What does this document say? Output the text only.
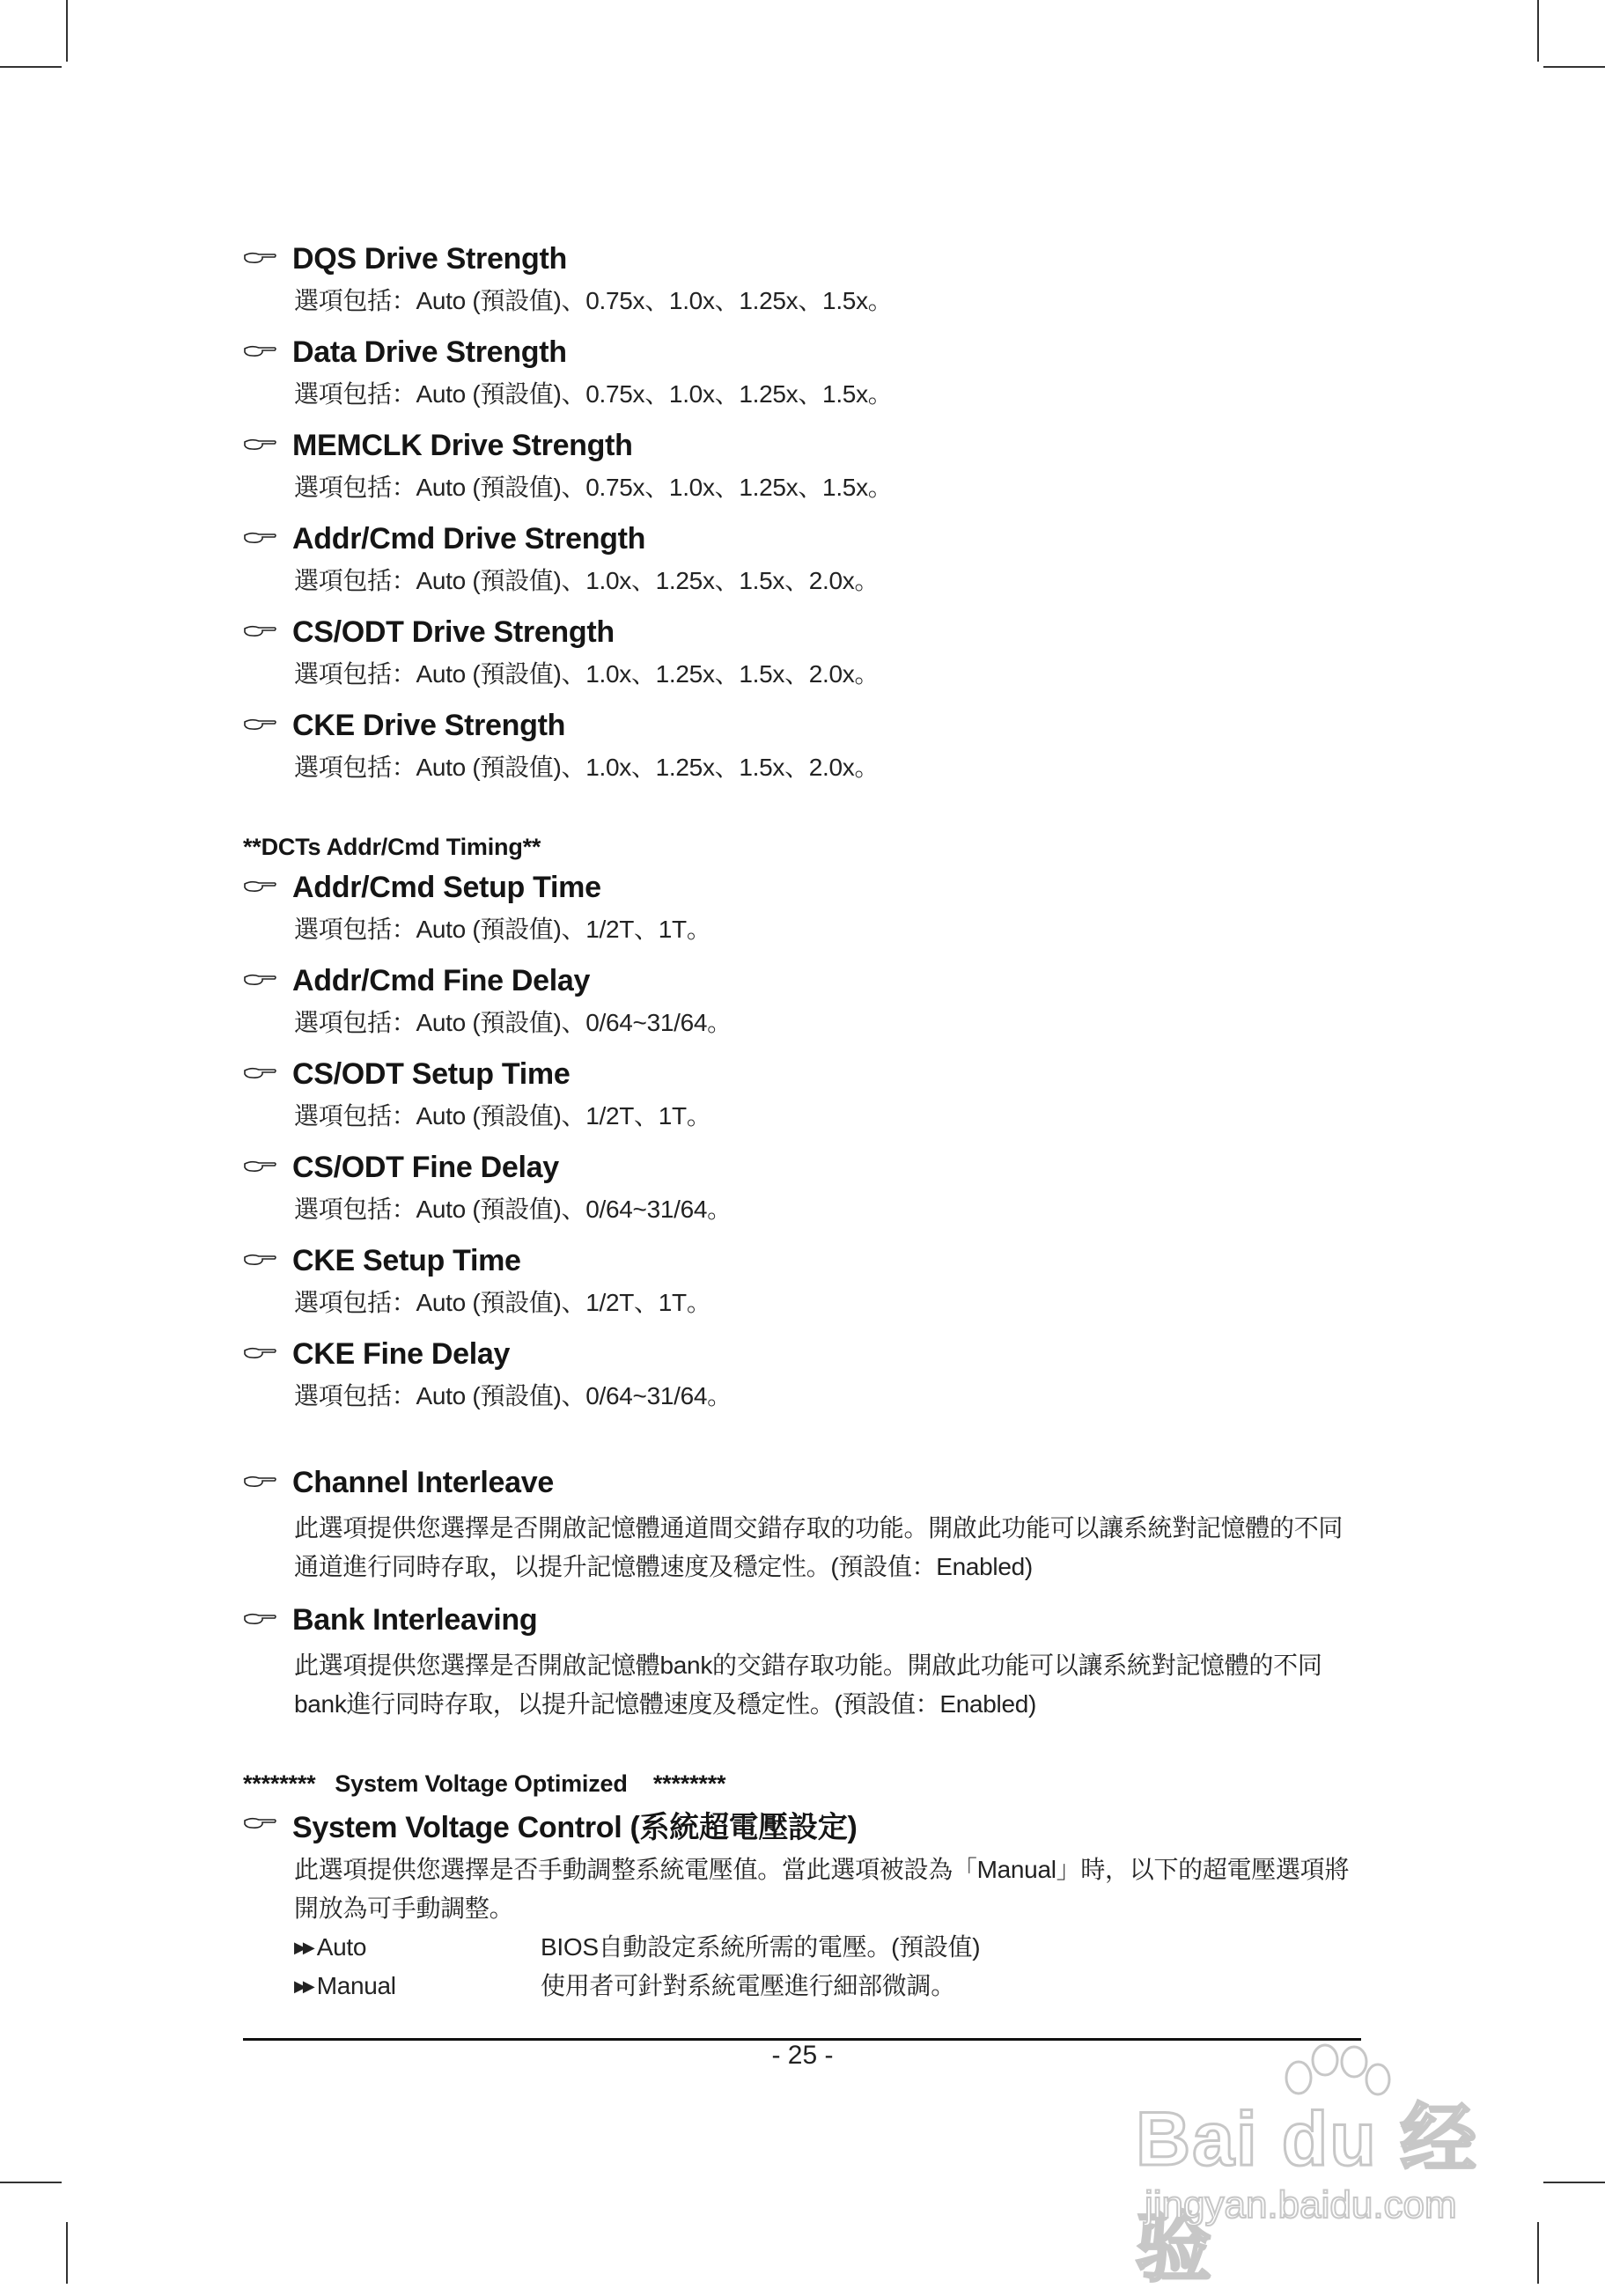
DQS Drive Strength
選項包括：Auto (預設值)、0.75x、1.0x、1.25x、1.5x。
Data Drive Strength
選項包括：Auto (預設值)、0.75x、1.0x、1.25x、1.5x。
MEMCLK Drive Strength
選項包括：Auto (預設值)、0.75x、1.0x、1.25x、1.5x。
Addr/Cmd Drive Strength
選項包括：Auto (預設值)、1.0x、1.25x、1.5x、2.0x。
CS/ODT Drive Strength
選項包括：Auto (預設值)、1.0x、1.25x、1.5x、2.0x。
CKE Drive Strength
選項包括：Auto (預設值)、1.0x、1.25x、1.5x、2.0x。
**DCTs Addr/Cmd Timing**
Addr/Cmd Setup Time
選項包括：Auto (預設值)、1/2T、1T。
Addr/Cmd Fine Delay
選項包括：Auto (預設值)、0/64~31/64。
CS/ODT Setup Time
選項包括：Auto (預設值)、1/2T、1T。
CS/ODT Fine Delay
選項包括：Auto (預設值)、0/64~31/64。
CKE Setup Time
選項包括：Auto (預設值)、1/2T、1T。
CKE Fine Delay
選項包括：Auto (預設值)、0/64~31/64。
Channel Interleave
此選項提供您選擇是否開啟記憶體通道間交錯存取的功能。開啟此功能可以讓系統對記憶體的不同通道進行同時存取，以提升記憶體速度及穩定性。(預設值：Enabled)
Bank Interleaving
此選項提供您選擇是否開啟記憶體bank的交錯存取功能。開啟此功能可以讓系統對記憶體的不同bank進行同時存取，以提升記憶體速度及穩定性。(預設值：Enabled)
********   System Voltage Optimized    ********
System Voltage Control (系統超電壓設定)
此選項提供您選擇是否手動調整系統電壓值。當此選項被設為「Manual」時，以下的超電壓選項將開放為可手動調整。
▶▶ Auto	BIOS自動設定系統所需的電壓。(預設值)
▶▶ Manual	使用者可針對系統電壓進行細部微調。
- 25 -
Bai du 经验
jingyan.baidu.com
